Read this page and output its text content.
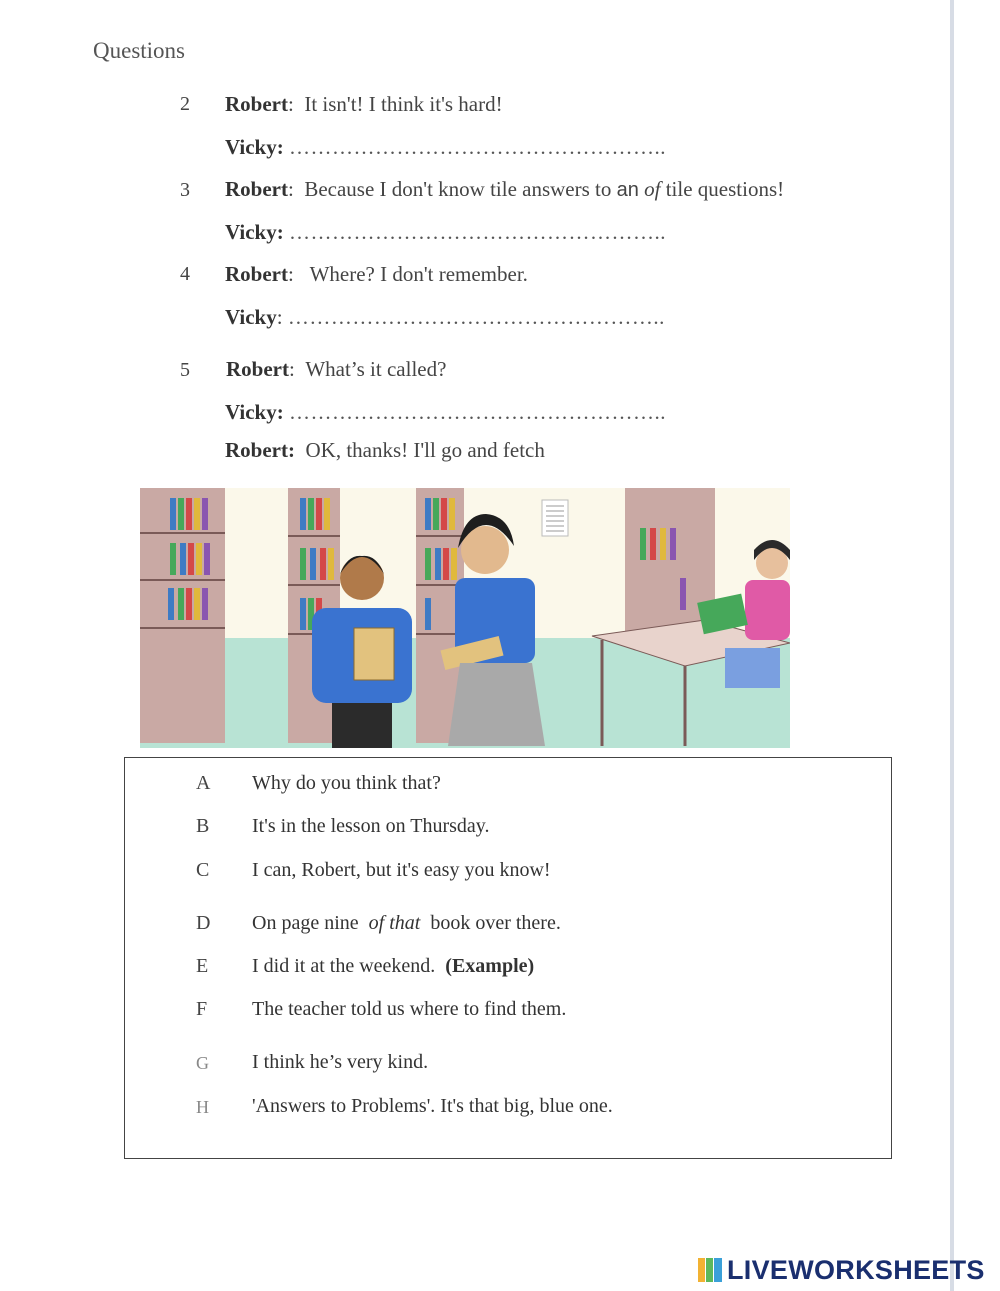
Questions
2 Robert: It isn't! I think it's hard!
Vicky: ……………………………………………..
3 Robert: Because I don't know tile answers to an of tile questions!
Vicky: ……………………………………………..
4 Robert: Where? I don't remember.
Vicky: ……………………………………………..
5 Robert: What’s it called?
Vicky: ……………………………………………..
Robert: OK, thanks! I'll go and fetch
A Why do you think that?
B It's in the lesson on Thursday.
C I can, Robert, but it's easy you know!
D On page nine of that book over there.
E I did it at the weekend. (Example)
F The teacher told us where to find them.
G I think he’s very kind.
H 'Answers to Problems'. It's that big, blue one.
LIVEWORKSHEETS
